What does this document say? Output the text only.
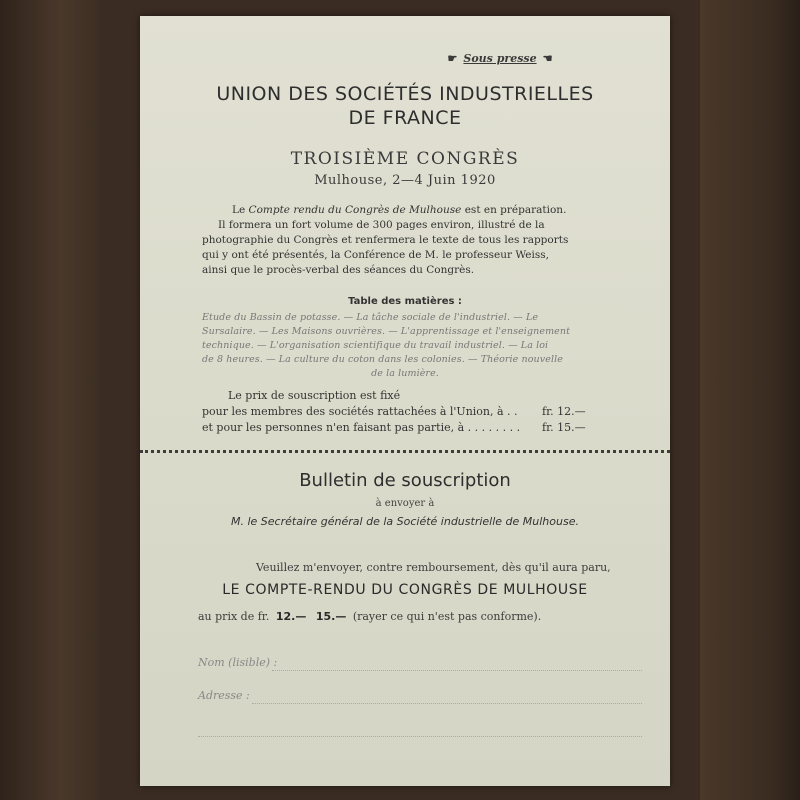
☛ Sous presse ☚
UNION DES SOCIÉTÉS INDUSTRIELLES
DE FRANCE
TROISIÈME CONGRÈS
Mulhouse, 2—4 Juin 1920
Le Compte rendu du Congrès de Mulhouse est en préparation.
Il formera un fort volume de 300 pages environ, illustré de la
photographie du Congrès et renfermera le texte de tous les rapports
qui y ont été présentés, la Conférence de M. le professeur Weiss,
ainsi que le procès-verbal des séances du Congrès.
Table des matières :
Etude du Bassin de potasse. — La tâche sociale de l'industriel. — Le
Sursalaire. — Les Maisons ouvrières. — L'apprentissage et l'enseignement
technique. — L'organisation scientifique du travail industriel. — La loi
de 8 heures. — La culture du coton dans les colonies. — Théorie nouvelle
de la lumière.
Le prix de souscription est fixé
pour les membres des sociétés rattachées à l'Union, à . . fr. 12.—
et pour les personnes n'en faisant pas partie, à . . . . . . . . fr. 15.—
Bulletin de souscription
à envoyer à
M. le Secrétaire général de la Société industrielle de Mulhouse.
Veuillez m'envoyer, contre remboursement, dès qu'il aura paru,
LE COMPTE-RENDU DU CONGRÈS DE MULHOUSE
au prix de fr. 12.— 15.— (rayer ce qui n'est pas conforme).
Nom (lisible) :
Adresse :
